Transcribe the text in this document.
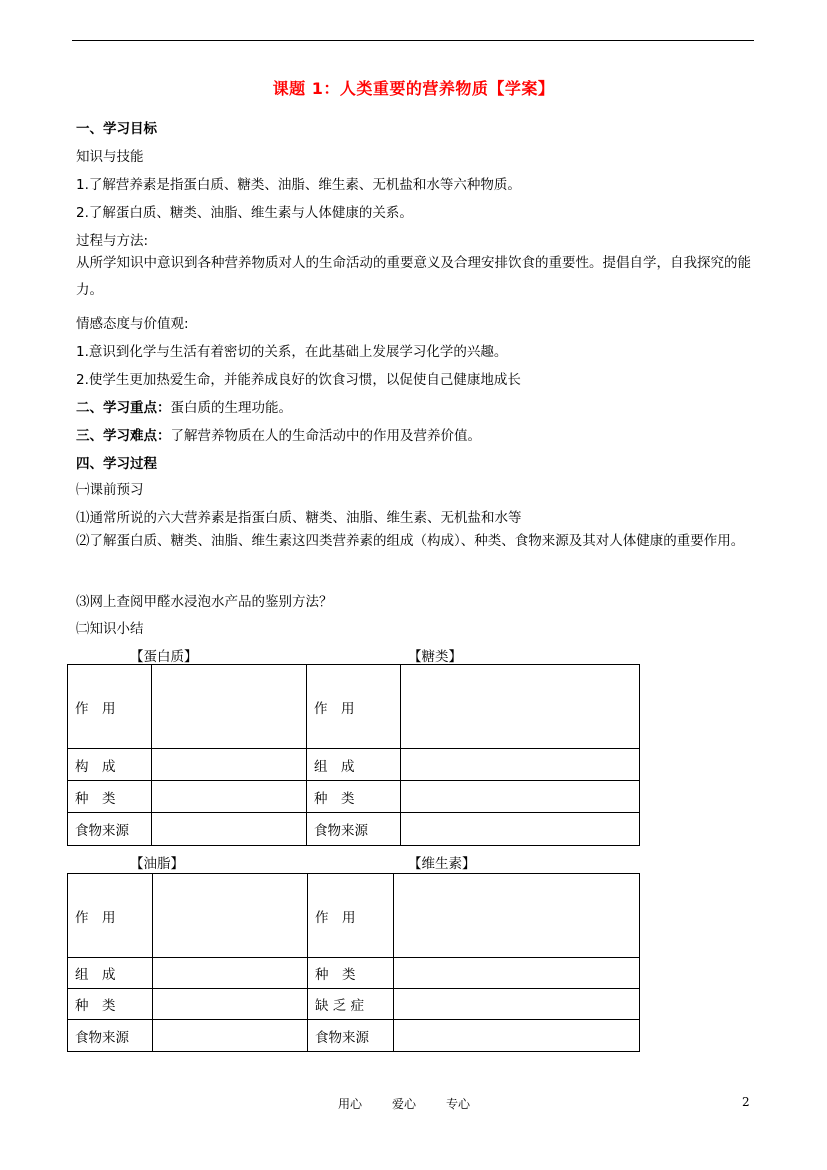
课题 1：人类重要的营养物质【学案】
一、学习目标
知识与技能
1.了解营养素是指蛋白质、糖类、油脂、维生素、无机盐和水等六种物质。
2.了解蛋白质、糖类、油脂、维生素与人体健康的关系。
过程与方法:
从所学知识中意识到各种营养物质对人的生命活动的重要意义及合理安排饮食的重要性。提倡自学，自我探究的能力。
情感态度与价值观:
1.意识到化学与生活有着密切的关系，在此基础上发展学习化学的兴趣。
2.使学生更加热爱生命，并能养成良好的饮食习惯，以促使自己健康地成长
二、学习重点：蛋白质的生理功能。
三、学习难点：了解营养物质在人的生命活动中的作用及营养价值。
四、学习过程
㈠课前预习
⑴通常所说的六大营养素是指蛋白质、糖类、油脂、维生素、无机盐和水等
⑵了解蛋白质、糖类、油脂、维生素这四类营养素的组成（构成）、种类、食物来源及其对人体健康的重要作用。
⑶网上查阅甲醛水浸泡水产品的鉴别方法？
㈡知识小结
【蛋白质】	【糖类】
作　用		作　用	
构　成		组　成	
种　类		种　类	
食物来源		食物来源	
【油脂】	【维生素】
作　用		作　用	
组　成		种　类	
种　类		缺 乏 症	
食物来源		食物来源	
用心	爱心	专心	2
